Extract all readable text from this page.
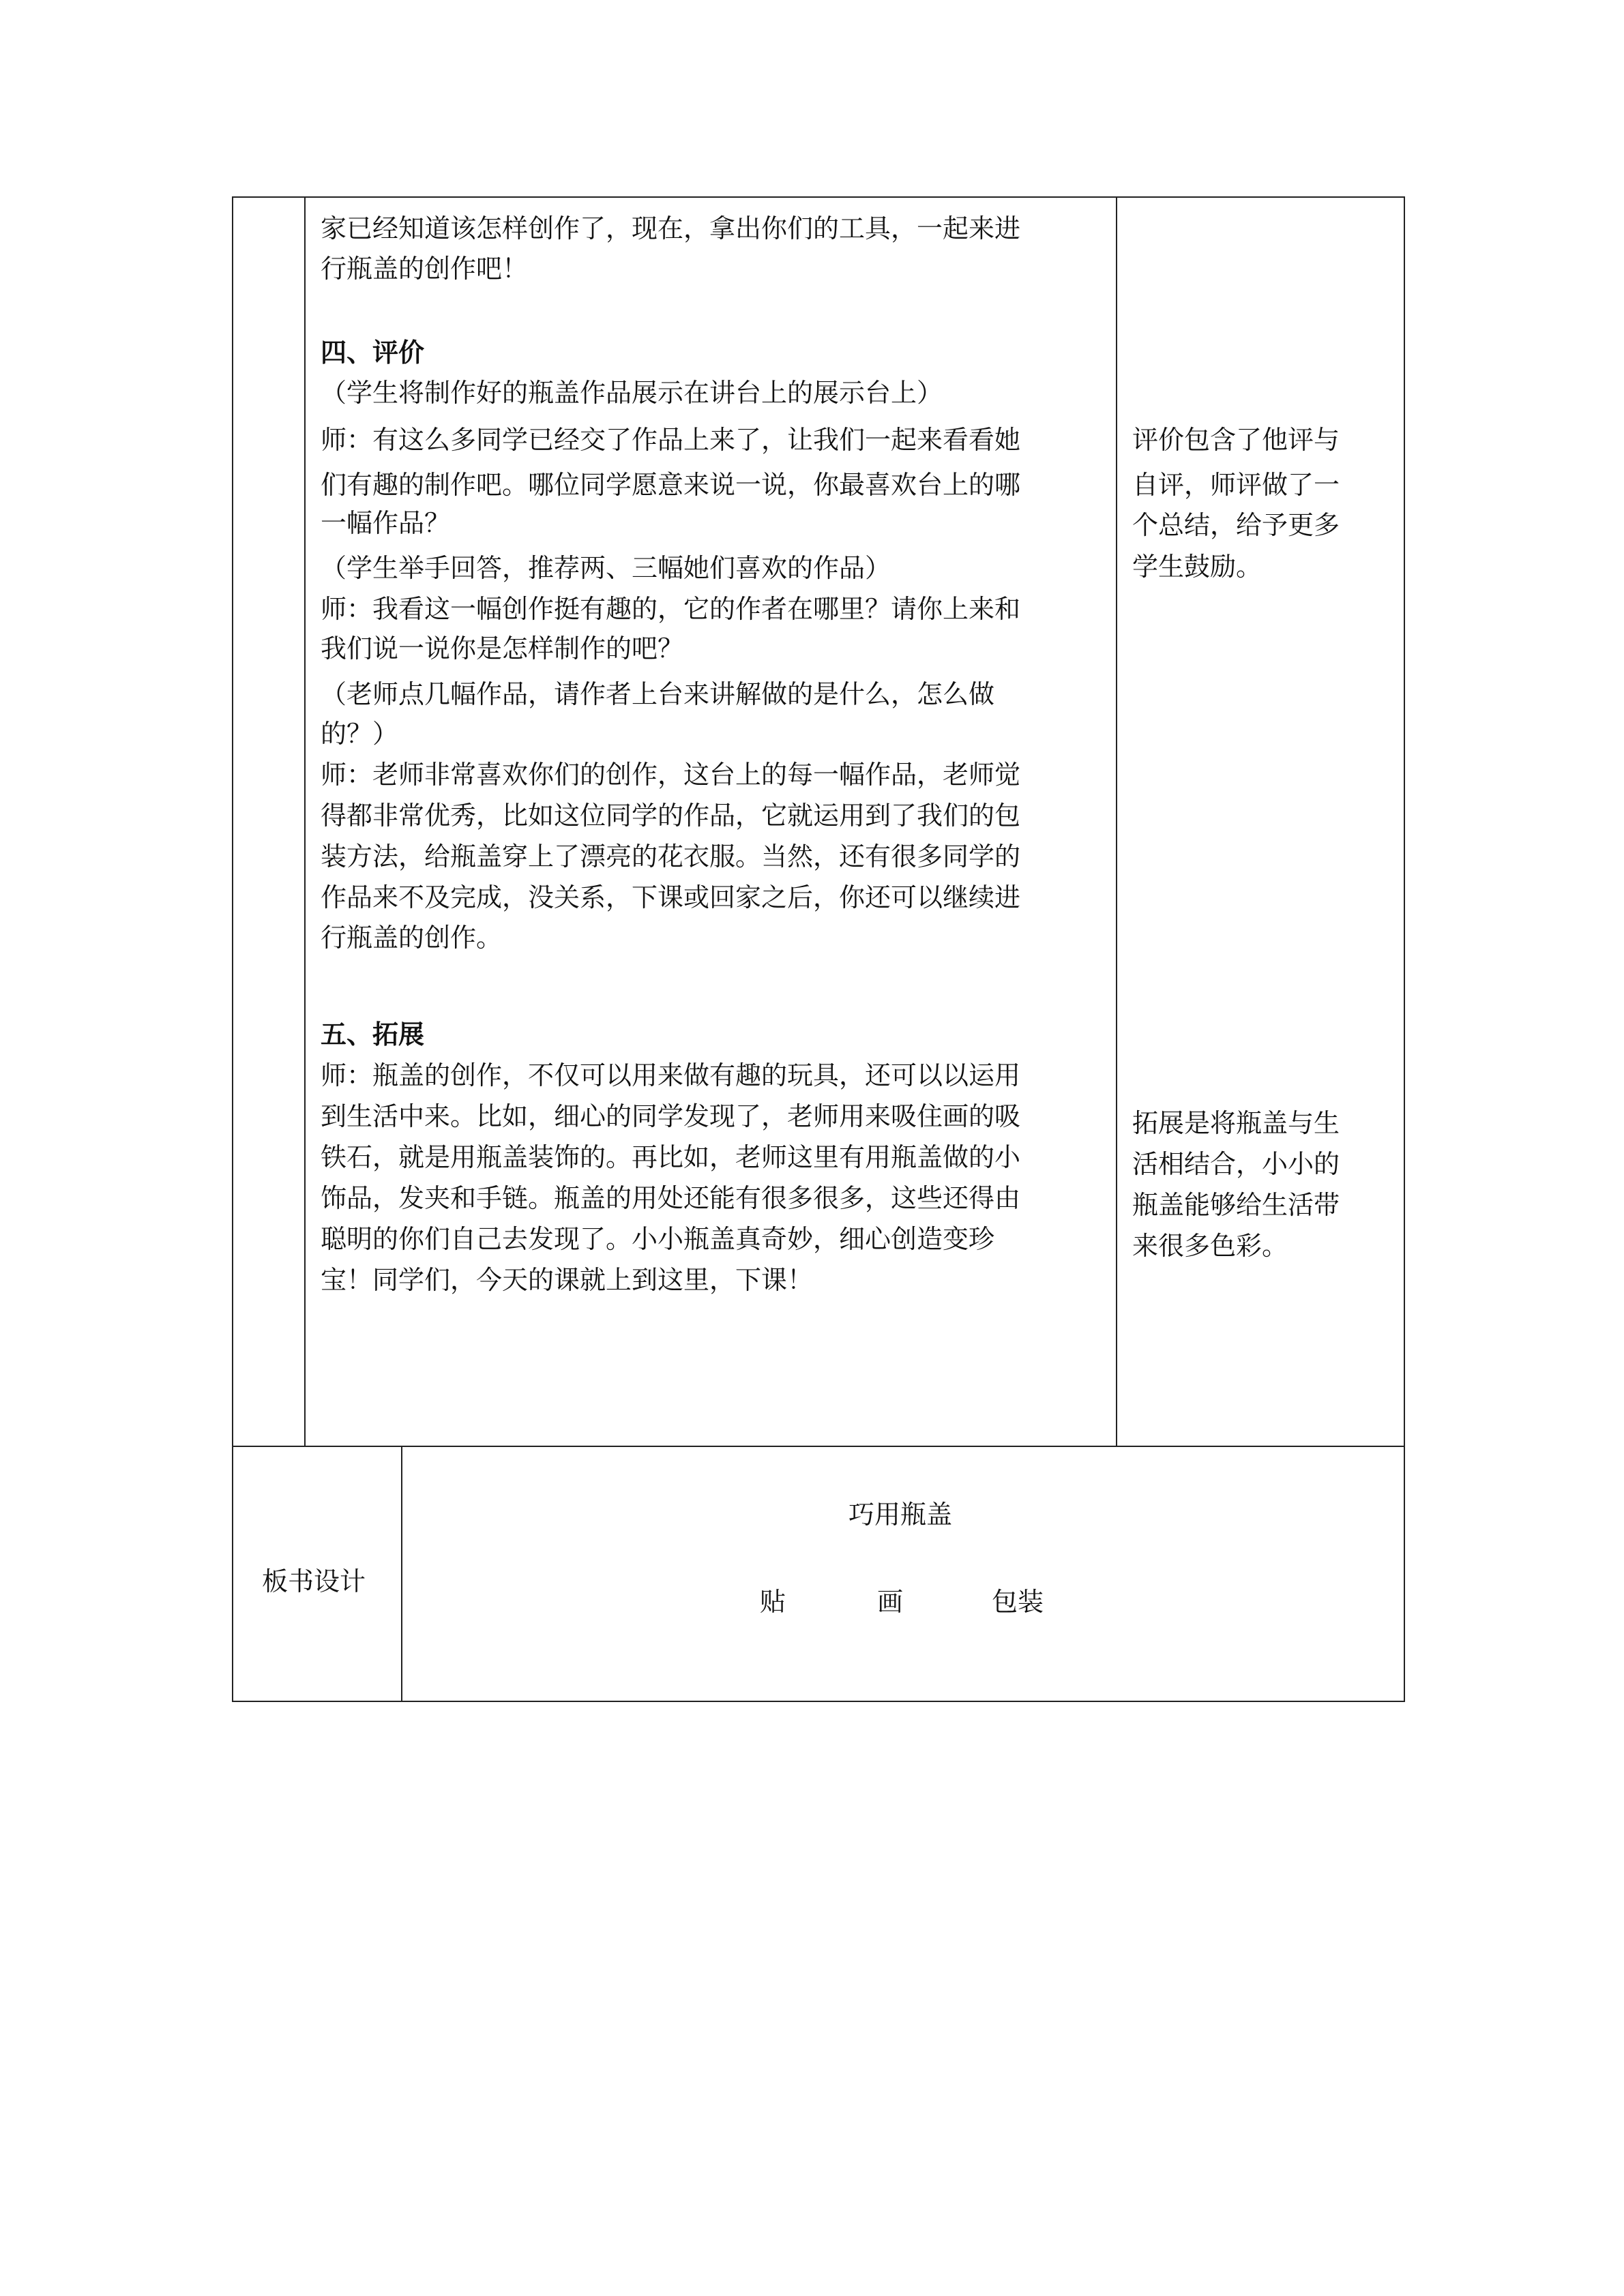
家已经知道该怎样创作了，现在，拿出你们的工具，一起来进
行瓶盖的创作吧！
四、评价
（学生将制作好的瓶盖作品展示在讲台上的展示台上）
师：有这么多同学已经交了作品上来了，让我们一起来看看她
们有趣的制作吧。哪位同学愿意来说一说，你最喜欢台上的哪
一幅作品？
（学生举手回答，推荐两、三幅她们喜欢的作品）
师：我看这一幅创作挺有趣的，它的作者在哪里？请你上来和
我们说一说你是怎样制作的吧？
（老师点几幅作品，请作者上台来讲解做的是什么，怎么做
的？）
师：老师非常喜欢你们的创作，这台上的每一幅作品，老师觉
得都非常优秀，比如这位同学的作品，它就运用到了我们的包
装方法，给瓶盖穿上了漂亮的花衣服。当然，还有很多同学的
作品来不及完成，没关系，下课或回家之后，你还可以继续进
行瓶盖的创作。
五、拓展
师：瓶盖的创作，不仅可以用来做有趣的玩具，还可以以运用
到生活中来。比如，细心的同学发现了，老师用来吸住画的吸
铁石，就是用瓶盖装饰的。再比如，老师这里有用瓶盖做的小
饰品，发夹和手链。瓶盖的用处还能有很多很多，这些还得由
聪明的你们自己去发现了。小小瓶盖真奇妙，细心创造变珍
宝！同学们，今天的课就上到这里，下课！
评价包含了他评与
自评，师评做了一
个总结，给予更多
学生鼓励。
拓展是将瓶盖与生
活相结合，小小的
瓶盖能够给生活带
来很多色彩。
板书设计
巧用瓶盖
贴	画	包装
